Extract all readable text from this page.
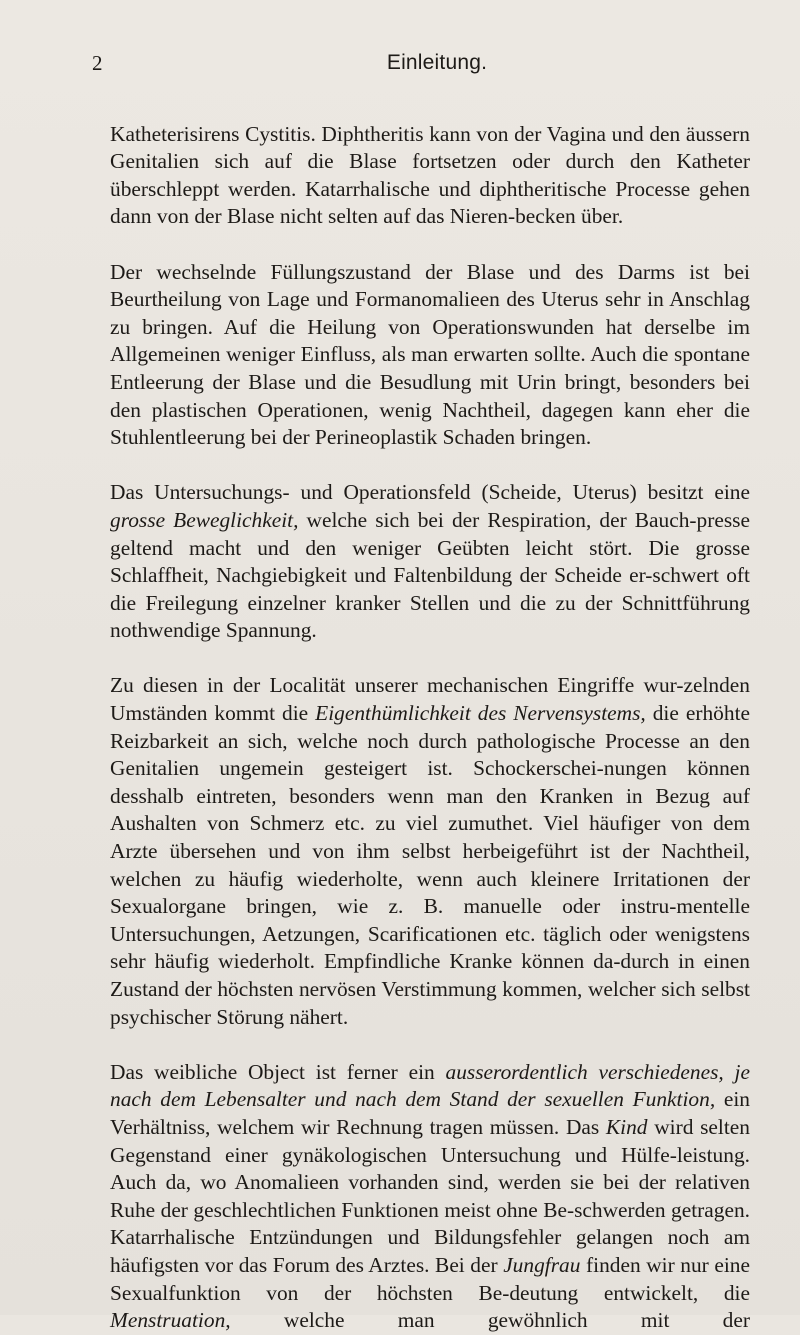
2	Einleitung.

Katheterisirens Cystitis. Diphtheritis kann von der Vagina und den äussern Genitalien sich auf die Blase fortsetzen oder durch den Katheter überschleppt werden. Katarrhalische und diphtheritische Processe gehen dann von der Blase nicht selten auf das Nieren-becken über.

Der wechselnde Füllungszustand der Blase und des Darms ist bei Beurtheilung von Lage und Formanomalieen des Uterus sehr in Anschlag zu bringen. Auf die Heilung von Operationswunden hat derselbe im Allgemeinen weniger Einfluss, als man erwarten sollte. Auch die spontane Entleerung der Blase und die Besudlung mit Urin bringt, besonders bei den plastischen Operationen, wenig Nachtheil, dagegen kann eher die Stuhlentleerung bei der Perineoplastik Schaden bringen.

Das Untersuchungs- und Operationsfeld (Scheide, Uterus) besitzt eine grosse Beweglichkeit, welche sich bei der Respiration, der Bauch-presse geltend macht und den weniger Geübten leicht stört. Die grosse Schlaffheit, Nachgiebigkeit und Faltenbildung der Scheide er-schwert oft die Freilegung einzelner kranker Stellen und die zu der Schnittführung nothwendige Spannung.

Zu diesen in der Localität unserer mechanischen Eingriffe wur-zelnden Umständen kommt die Eigenthümlichkeit des Nervensystems, die erhöhte Reizbarkeit an sich, welche noch durch pathologische Processe an den Genitalien ungemein gesteigert ist. Schockerschei-nungen können desshalb eintreten, besonders wenn man den Kranken in Bezug auf Aushalten von Schmerz etc. zu viel zumuthet. Viel häufiger von dem Arzte übersehen und von ihm selbst herbeigeführt ist der Nachtheil, welchen zu häufig wiederholte, wenn auch kleinere Irritationen der Sexualorgane bringen, wie z. B. manuelle oder instru-mentelle Untersuchungen, Aetzungen, Scarificationen etc. täglich oder wenigstens sehr häufig wiederholt. Empfindliche Kranke können da-durch in einen Zustand der höchsten nervösen Verstimmung kommen, welcher sich selbst psychischer Störung nähert.

Das weibliche Object ist ferner ein ausserordentlich verschiedenes, je nach dem Lebensalter und nach dem Stand der sexuellen Funktion, ein Verhältniss, welchem wir Rechnung tragen müssen. Das Kind wird selten Gegenstand einer gynäkologischen Untersuchung und Hülfe-leistung. Auch da, wo Anomalieen vorhanden sind, werden sie bei der relativen Ruhe der geschlechtlichen Funktionen meist ohne Be-schwerden getragen. Katarrhalische Entzündungen und Bildungsfehler gelangen noch am häufigsten vor das Forum des Arztes. Bei der Jungfrau finden wir nur eine Sexualfunktion von der höchsten Be-deutung entwickelt, die Menstruation, welche man gewöhnlich mit der
